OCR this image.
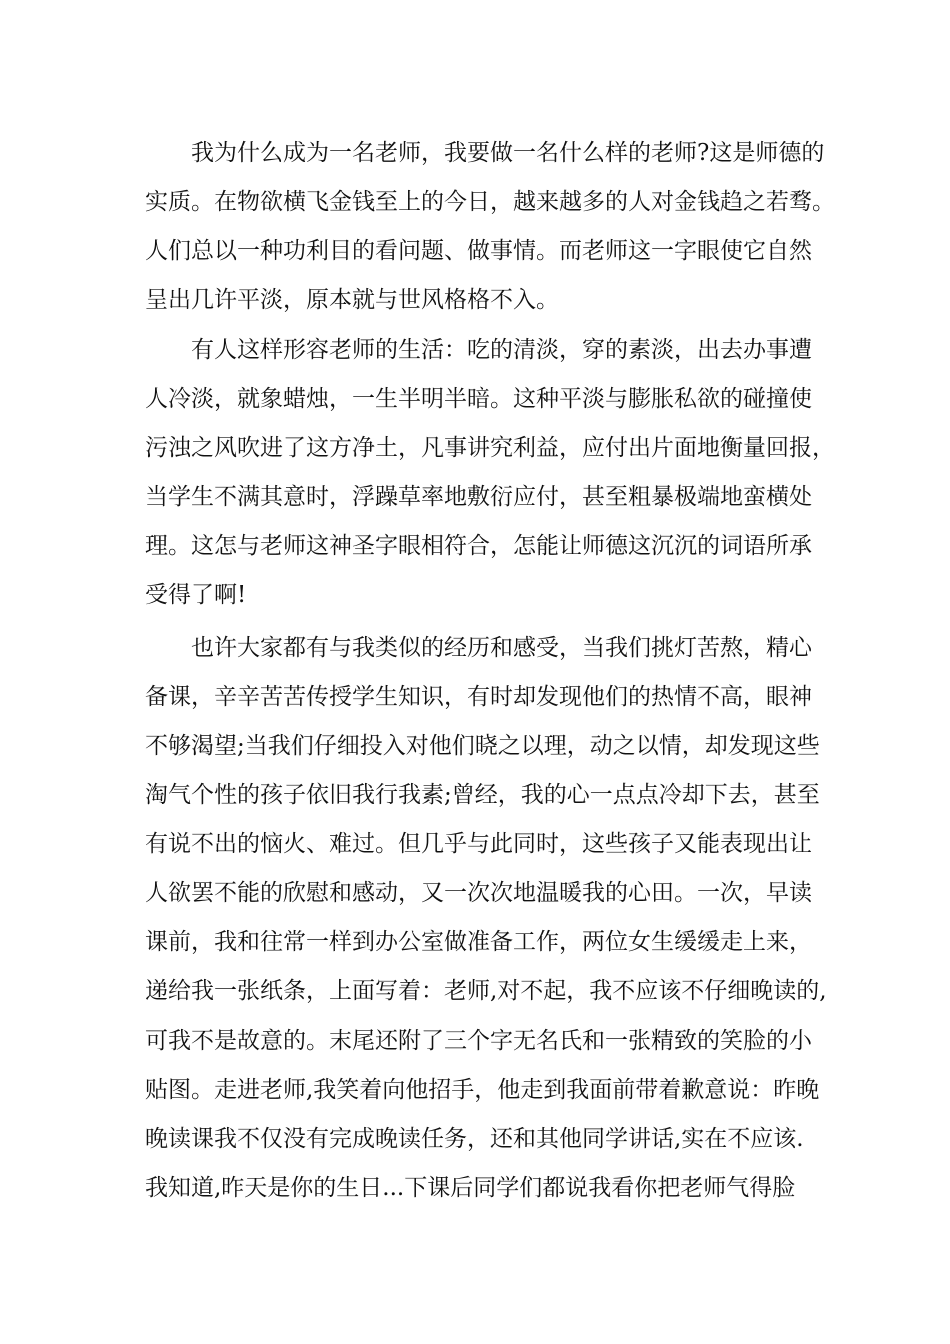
　　我为什么成为一名老师，我要做一名什么样的老师?这是师德的

实质。在物欲横飞金钱至上的今日，越来越多的人对金钱趋之若骛。

人们总以一种功利目的看问题、做事情。而老师这一字眼使它自然

呈出几许平淡，原本就与世风格格不入。

　　有人这样形容老师的生活：吃的清淡，穿的素淡，出去办事遭

人冷淡，就象蜡烛，一生半明半暗。这种平淡与膨胀私欲的碰撞使

污浊之风吹进了这方净土，凡事讲究利益，应付出片面地衡量回报，

当学生不满其意时，浮躁草率地敷衍应付，甚至粗暴极端地蛮横处

理。这怎与老师这神圣字眼相符合，怎能让师德这沉沉的词语所承

受得了啊!

　　也许大家都有与我类似的经历和感受，当我们挑灯苦熬，精心

备课，辛辛苦苦传授学生知识，有时却发现他们的热情不高，眼神

不够渴望;当我们仔细投入对他们晓之以理，动之以情，却发现这些

淘气个性的孩子依旧我行我素;曾经，我的心一点点冷却下去，甚至

有说不出的恼火、难过。但几乎与此同时，这些孩子又能表现出让

人欲罢不能的欣慰和感动，又一次次地温暖我的心田。一次，早读

课前，我和往常一样到办公室做准备工作，两位女生缓缓走上来，

递给我一张纸条，上面写着：老师,对不起，我不应该不仔细晚读的,

可我不是故意的。末尾还附了三个字无名氏和一张精致的笑脸的小

贴图。走进老师,我笑着向他招手，他走到我面前带着歉意说：昨晚

晚读课我不仅没有完成晚读任务，还和其他同学讲话,实在不应该.

我知道,昨天是你的生日...下课后同学们都说我看你把老师气得脸
